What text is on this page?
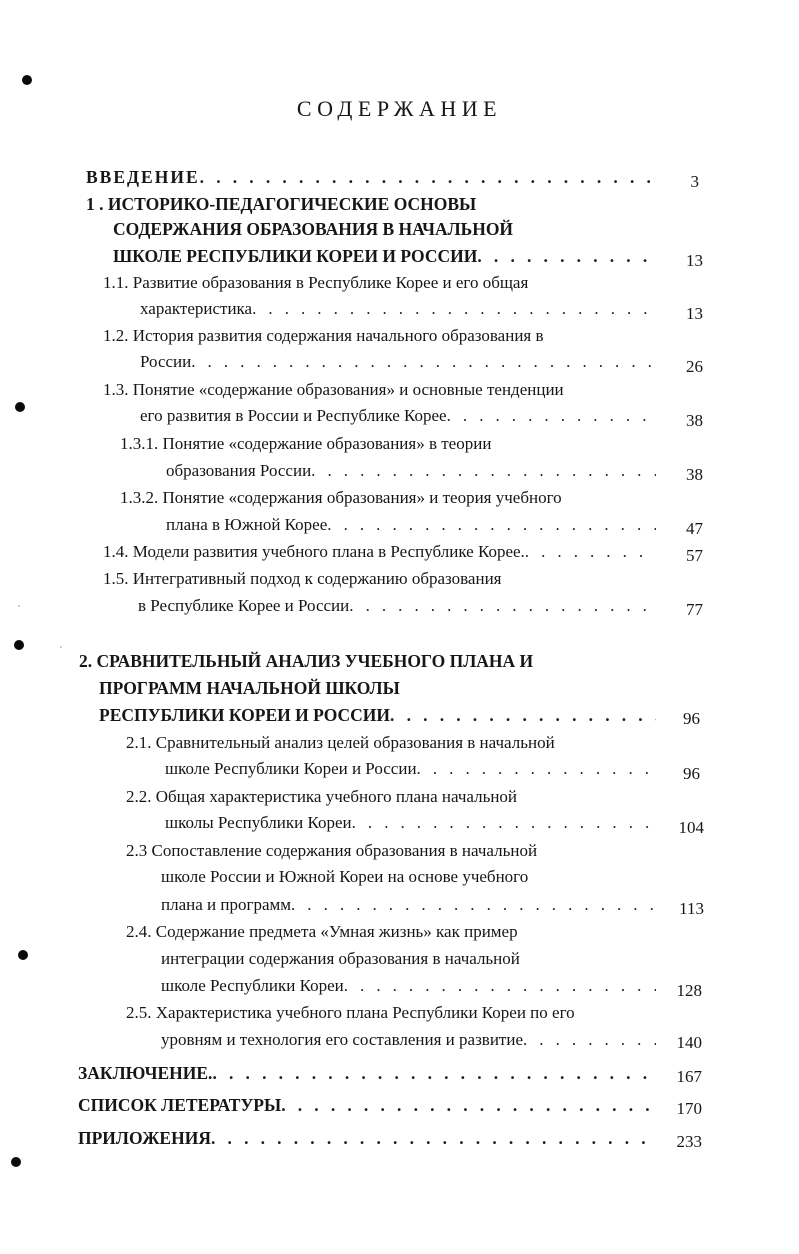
СОДЕРЖАНИЕ
ВВЕДЕНИЕ . . .	3
1 . ИСТОРИКО-ПЕДАГОГИЧЕСКИЕ ОСНОВЫ
СОДЕРЖАНИЯ ОБРАЗОВАНИЯ В НАЧАЛЬНОЙ
ШКОЛЕ РЕСПУБЛИКИ КОРЕИ И РОССИИ . . .	13
1.1. Развитие образования в Республике Корее и его общая
характеристика . . .	13
1.2. История развития содержания начального образования в
России . . .	26
1.3. Понятие «содержание образования» и основные тенденции
его развития в России и Республике Корее . . .	38
1.3.1. Понятие «содержание образования» в теории
образования России . . .	38
1.3.2. Понятие «содержания образования» и теория учебного
плана в Южной Корее . . .	47
1.4. Модели развития учебного плана в Республике Корее. . . .	57
1.5. Интегративный подход к содержанию образования
в Республике Корее и России . . .	77
2. СРАВНИТЕЛЬНЫЙ АНАЛИЗ УЧЕБНОГО ПЛАНА И
ПРОГРАММ НАЧАЛЬНОЙ ШКОЛЫ
РЕСПУБЛИКИ КОРЕИ И РОССИИ . . .	96
2.1. Сравнительный анализ целей образования в начальной
школе Республики Кореи и России . . .	96
2.2. Общая характеристика учебного плана начальной
школы Республики Кореи . . .	104
2.3 Сопоставление содержания образования в начальной
школе России и Южной Кореи на основе учебного
плана и программ . . .	113
2.4. Содержание предмета «Умная жизнь» как пример
интеграции содержания образования в начальной
школе Республики Кореи . . .	128
2.5. Характеристика учебного плана Республики Кореи по его
уровням и технология его составления и развитие . . .	140
ЗАКЛЮЧЕНИЕ. . . .	167
СПИСОК ЛЕТЕРАТУРЫ . . .	170
ПРИЛОЖЕНИЯ . . .	233
